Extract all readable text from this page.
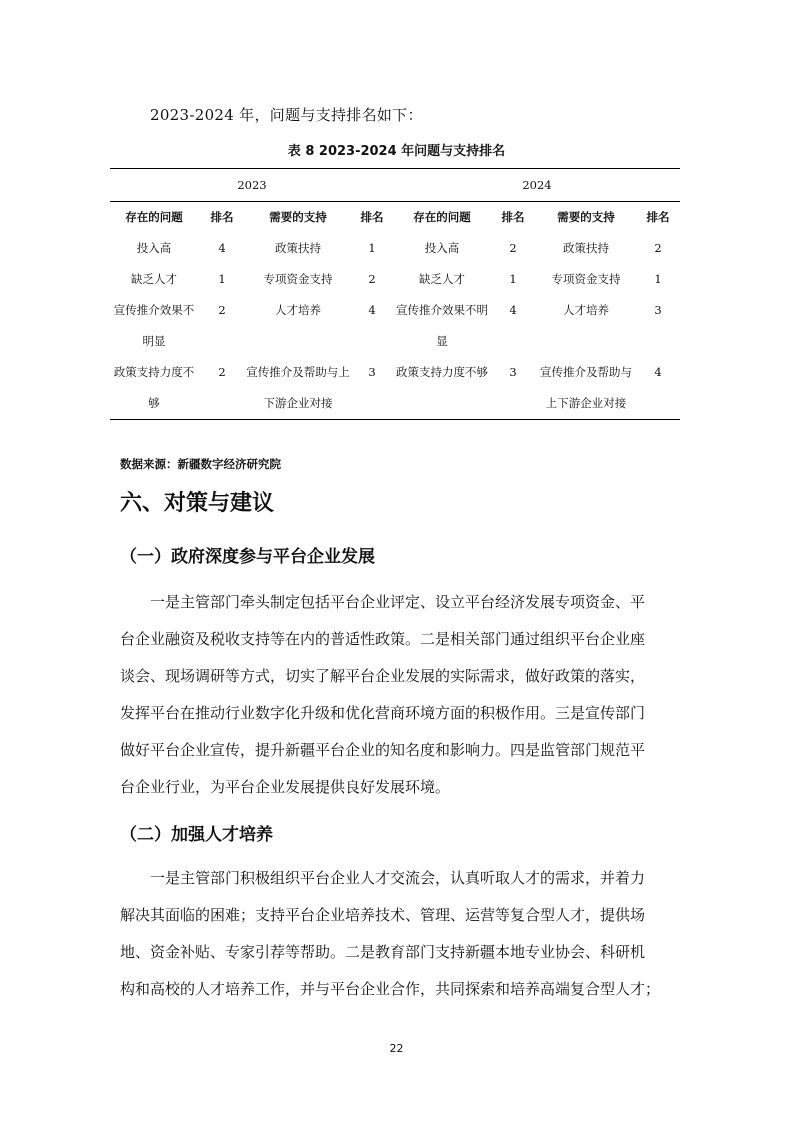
2023-2024 年，问题与支持排名如下：
表 8 2023-2024 年问题与支持排名
2023				2024			
存在的问题	排名	需要的支持	排名	存在的问题	排名	需要的支持	排名
投入高	4	政策扶持	1	投入高	2	政策扶持	2
缺乏人才	1	专项资金支持	2	缺乏人才	1	专项资金支持	1
宣传推介效果不明显	2	人才培养	4	宣传推介效果不明显	4	人才培养	3
政策支持力度不够	2	宣传推介及帮助与上下游企业对接	3	政策支持力度不够	3	宣传推介及帮助与上下游企业对接	4
数据来源：新疆数字经济研究院
六、对策与建议
（一）政府深度参与平台企业发展
一是主管部门牵头制定包括平台企业评定、设立平台经济发展专项资金、平
台企业融资及税收支持等在内的普适性政策。二是相关部门通过组织平台企业座
谈会、现场调研等方式，切实了解平台企业发展的实际需求，做好政策的落实，
发挥平台在推动行业数字化升级和优化营商环境方面的积极作用。三是宣传部门
做好平台企业宣传，提升新疆平台企业的知名度和影响力。四是监管部门规范平
台企业行业，为平台企业发展提供良好发展环境。
（二）加强人才培养
一是主管部门积极组织平台企业人才交流会，认真听取人才的需求，并着力
解决其面临的困难；支持平台企业培养技术、管理、运营等复合型人才，提供场
地、资金补贴、专家引荐等帮助。二是教育部门支持新疆本地专业协会、科研机
构和高校的人才培养工作，并与平台企业合作，共同探索和培养高端复合型人才；
22
